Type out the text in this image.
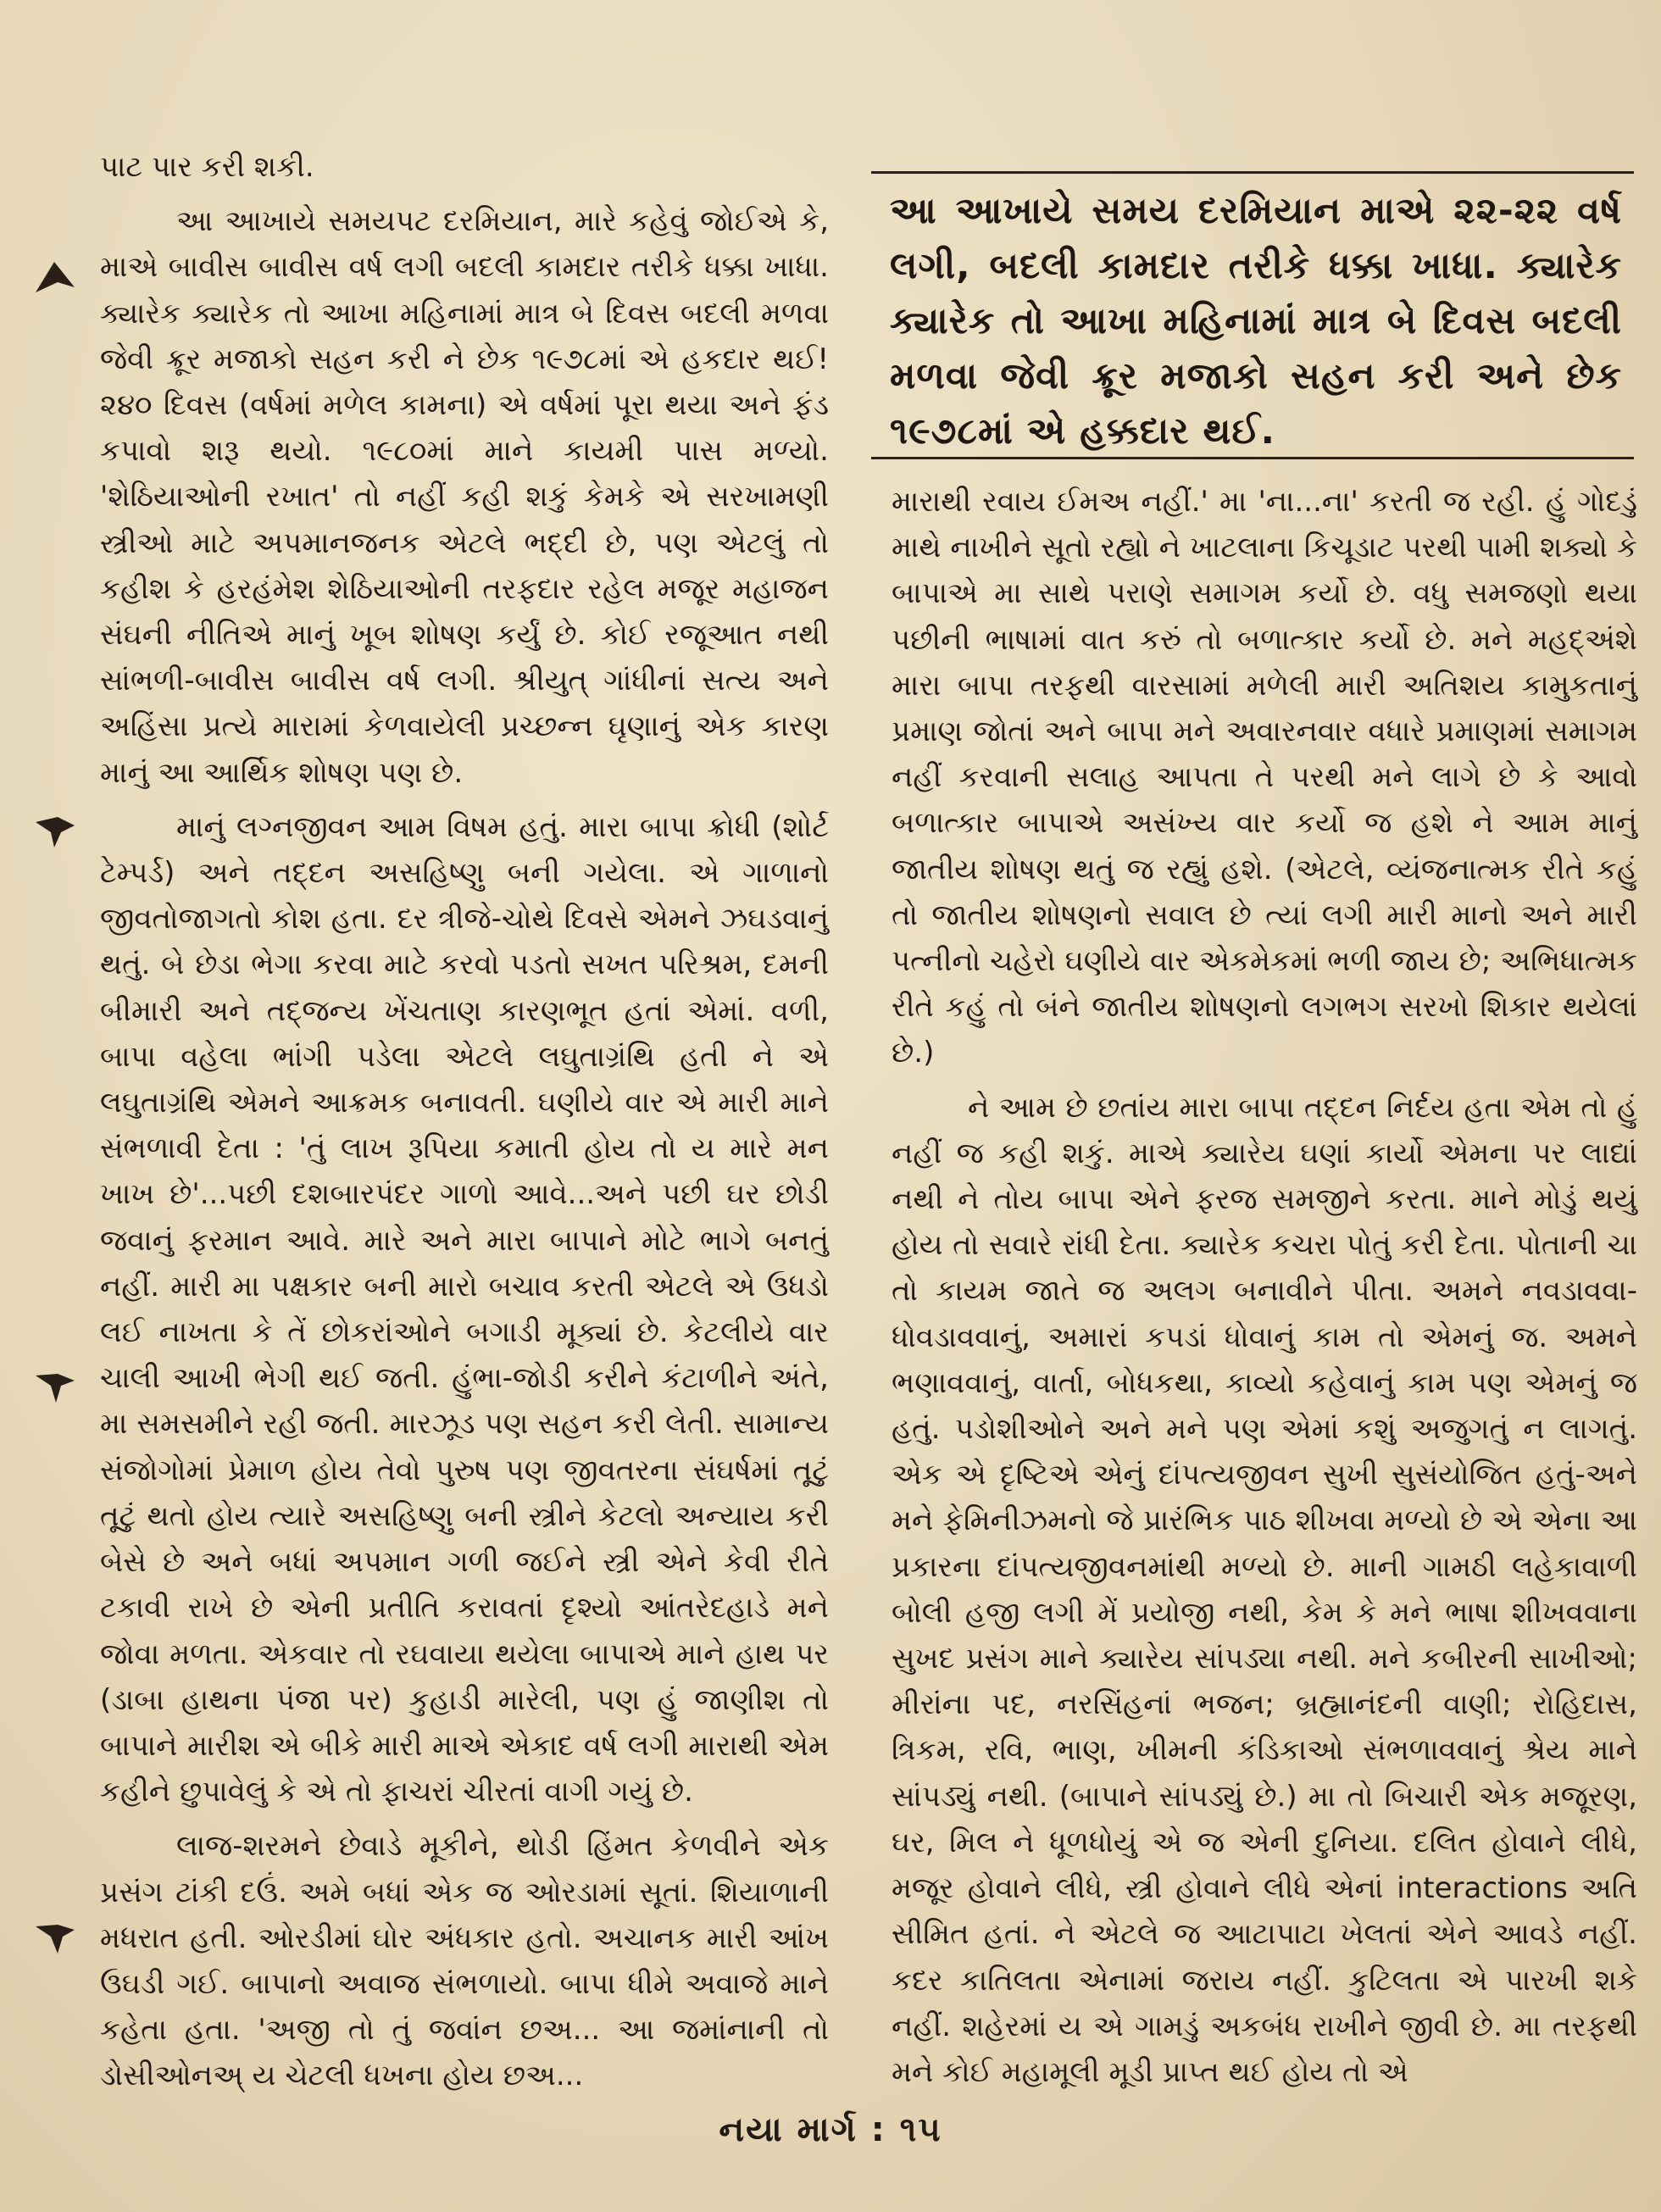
પાટ પાર કરી શકી.

આ આખાયે સમયપટ દરમિયાન, મારે કહેવું જોઈએ કે, માએ બાવીસ બાવીસ વર્ષ લગી બદલી કામદાર તરીકે ધક્કા ખાધા. ક્યારેક ક્યારેક તો આખા મહિનામાં માત્ર બે દિવસ બદલી મળવા જેવી ક્રૂર મજાકો સહન કરી ને છેક ૧૯૭૮માં એ હકદાર થઈ! ૨૪૦ દિવસ (વર્ષમાં મળેલ કામના) એ વર્ષમાં પૂરા થયા અને ફંડ કપાવો શરૂ થયો. ૧૯૮૦માં માને કાયમી પાસ મળ્યો. 'શેઠિયાઓની રખાત' તો નહીં કહી શકું કેમકે એ સરખામણી સ્ત્રીઓ માટે અપમાનજનક એટલે ભદ્દી છે, પણ એટલું તો કહીશ કે હરહંમેશ શેઠિયાઓની તરફદાર રહેલ મજૂર મહાજન સંઘની નીતિએ માનું ખૂબ શોષણ કર્યું છે. કોઈ રજૂઆત નથી સાંભળી-બાવીસ બાવીસ વર્ષ લગી. શ્રીયુત્ ગાંધીનાં સત્ય અને અહિંસા પ્રત્યે મારામાં કેળવાયેલી પ્રચ્છન્ન ઘૃણાનું એક કારણ માનું આ આર્થિક શોષણ પણ છે.

માનું લગ્નજીવન આમ વિષમ હતું. મારા બાપા ક્રોધી (શોર્ટ ટેમ્પર્ડ) અને તદ્દન અસહિષ્ણુ બની ગયેલા. એ ગાળાનો જીવતોજાગતો કોશ હતા. દર ત્રીજે-ચોથે દિવસે એમને ઝઘડવાનું થતું. બે છેડા ભેગા કરવા માટે કરવો પડતો સખત પરિશ્રમ, દમની બીમારી અને તદ્જન્ય ખેંચતાણ કારણભૂત હતાં એમાં. વળી, બાપા વહેલા ભાંગી પડેલા એટલે લઘુતાગ્રંથિ હતી ને એ લઘુતાગ્રંથિ એમને આક્રમક બનાવતી. ઘણીયે વાર એ મારી માને સંભળાવી દેતા : 'તું લાખ રૂપિયા કમાતી હોય તો ય મારે મન ખાખ છે'...પછી દશબારપંદર ગાળો આવે...અને પછી ઘર છોડી જવાનું ફરમાન આવે. મારે અને મારા બાપાને મોટે ભાગે બનતું નહીં. મારી મા પક્ષકાર બની મારો બચાવ કરતી એટલે એ ઉધડો લઈ નાખતા કે તેં છોકરાંઓને બગાડી મૂક્યાં છે. કેટલીયે વાર ચાલી આખી ભેગી થઈ જતી. હુંભા-જોડી કરીને કંટાળીને અંતે, મા સમસમીને રહી જતી. મારઝૂડ પણ સહન કરી લેતી. સામાન્ય સંજોગોમાં પ્રેમાળ હોય તેવો પુરુષ પણ જીવતરના સંઘર્ષમાં તૂટું તૂટું થતો હોય ત્યારે અસહિષ્ણુ બની સ્ત્રીને કેટલો અન્યાય કરી બેસે છે અને બધાં અપમાન ગળી જઈને સ્ત્રી એને કેવી રીતે ટકાવી રાખે છે એની પ્રતીતિ કરાવતાં દૃશ્યો આંતરેદહાડે મને જોવા મળતા. એકવાર તો રઘવાયા થયેલા બાપાએ માને હાથ પર (ડાબા હાથના પંજા પર) કુહાડી મારેલી, પણ હું જાણીશ તો બાપાને મારીશ એ બીકે મારી માએ એકાદ વર્ષ લગી મારાથી એમ કહીને છુપાવેલું કે એ તો ફાચરાં ચીરતાં વાગી ગયું છે.

લાજ-શરમને છેવાડે મૂકીને, થોડી હિંમત કેળવીને એક પ્રસંગ ટાંકી દઉં. અમે બધાં એક જ ઓરડામાં સૂતાં. શિયાળાની મધરાત હતી. ઓરડીમાં ઘોર અંધકાર હતો. અચાનક મારી આંખ ઉઘડી ગઈ. બાપાનો અવાજ સંભળાયો. બાપા ધીમે અવાજે માને કહેતા હતા. 'અજી તો તું જવાંન છઅ... આ જમાંનાની તો ડોસીઓનઅ્ ય ચેટલી ધખના હોય છઅ...

આ આખાયે સમય દરમિયાન માએ ૨૨-૨૨ વર્ષ લગી, બદલી કામદાર તરીકે ધક્કા ખાધા. ક્યારેક ક્યારેક તો આખા મહિનામાં માત્ર બે દિવસ બદલી મળવા જેવી ક્રૂર મજાકો સહન કરી અને છેક ૧૯૭૮માં એ હક્કદાર થઈ.

મારાથી રવાય ઈમઅ નહીં.' મા 'ના...ના' કરતી જ રહી. હું ગોદડું માથે નાખીને સૂતો રહ્યો ને ખાટલાના કિચૂડાટ પરથી પામી શક્યો કે બાપાએ મા સાથે પરાણે સમાગમ કર્યો છે. વધુ સમજણો થયા પછીની ભાષામાં વાત કરું તો બળાત્કાર કર્યો છે. મને મહદ્અંશે મારા બાપા તરફથી વારસામાં મળેલી મારી અતિશય કામુકતાનું પ્રમાણ જોતાં અને બાપા મને અવારનવાર વધારે પ્રમાણમાં સમાગમ નહીં કરવાની સલાહ આપતા તે પરથી મને લાગે છે કે આવો બળાત્કાર બાપાએ અસંખ્ય વાર કર્યો જ હશે ને આમ માનું જાતીય શોષણ થતું જ રહ્યું હશે. (એટલે, વ્યંજનાત્મક રીતે કહું તો જાતીય શોષણનો સવાલ છે ત્યાં લગી મારી માનો અને મારી પત્નીનો ચહેરો ઘણીયે વાર એકમેકમાં ભળી જાય છે; અભિધાત્મક રીતે કહું તો બંને જાતીય શોષણનો લગભગ સરખો શિકાર થયેલાં છે.)

ને આમ છે છતાંય મારા બાપા તદ્દન નિર્દય હતા એમ તો હું નહીં જ કહી શકું. માએ ક્યારેય ઘણાં કાર્યો એમના પર લાદ્યાં નથી ને તોય બાપા એને ફરજ સમજીને કરતા. માને મોડું થયું હોય તો સવારે રાંધી દેતા. ક્યારેક કચરા પોતું કરી દેતા. પોતાની ચા તો કાયમ જાતે જ અલગ બનાવીને પીતા. અમને નવડાવવા-ધોવડાવવાનું, અમારાં કપડાં ધોવાનું કામ તો એમનું જ. અમને ભણાવવાનું, વાર્તા, બોધકથા, કાવ્યો કહેવાનું કામ પણ એમનું જ હતું. પડોશીઓને અને મને પણ એમાં કશું અજુગતું ન લાગતું. એક એ દૃષ્ટિએ એનું દાંપત્યજીવન સુખી સુસંયોજિત હતું-અને મને ફેમિનીઝમનો જે પ્રારંભિક પાઠ શીખવા મળ્યો છે એ એના આ પ્રકારના દાંપત્યજીવનમાંથી મળ્યો છે. માની ગામઠી લહેકાવાળી બોલી હજી લગી મેં પ્રયોજી નથી, કેમ કે મને ભાષા શીખવવાના સુખદ પ્રસંગ માને ક્યારેય સાંપડ્યા નથી. મને કબીરની સાખીઓ; મીરાંના પદ, નરસિંહનાં ભજન; બ્રહ્માનંદની વાણી; રોહિદાસ, ત્રિકમ, રવિ, ભાણ, ખીમની કંડિકાઓ સંભળાવવાનું શ્રેય માને સાંપડ્યું નથી. (બાપાને સાંપડ્યું છે.) મા તો બિચારી એક મજૂરણ, ઘર, મિલ ને ધૂળધોયું એ જ એની દુનિયા. દલિત હોવાને લીધે, મજૂર હોવાને લીધે, સ્ત્રી હોવાને લીધે એનાં interactions અતિ સીમિત હતાં. ને એટલે જ આટાપાટા ખેલતાં એને આવડે નહીં. કદર કાતિલતા એનામાં જરાય નહીં. કુટિલતા એ પારખી શકે નહીં. શહેરમાં ય એ ગામડું અકબંધ રાખીને જીવી છે. મા તરફથી મને કોઈ મહામૂલી મૂડી પ્રાપ્ત થઈ હોય તો એ

નયા માર્ગ : ૧૫
